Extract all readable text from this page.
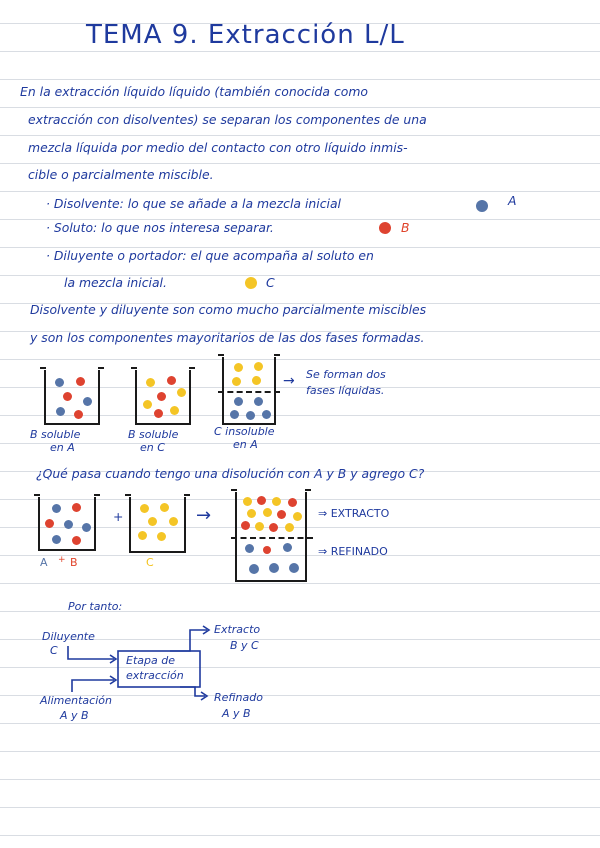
TEMA 9. Extracción L/L
En la extracción líquido líquido (también conocida como
extracción con disolventes) se separan los componentes de una
mezcla líquida por medio del contacto con otro líquido inmis-
cible o parcialmente miscible.
· Disolvente: lo que se añade a la mezcla inicial	A
· Soluto: lo que nos interesa separar.	B
· Diluyente o portador: el que acompaña al soluto en
la mezcla inicial.	C
Disolvente y diluyente son como mucho parcialmente miscibles
y son los componentes mayoritarios de las dos fases formadas.
B soluble
en A
B soluble
en C
C insoluble
en A
Se forman dos
fases líquidas.
¿Qué pasa cuando tengo una disolución con A y B y agrego C?
+	→	⇒ EXTRACTO
⇒ REFINADO
A + B	C
Por tanto:
Diluyente
C
Etapa de
extracción
Extracto
B y C
Alimentación
A y B
Refinado
A y B
→
